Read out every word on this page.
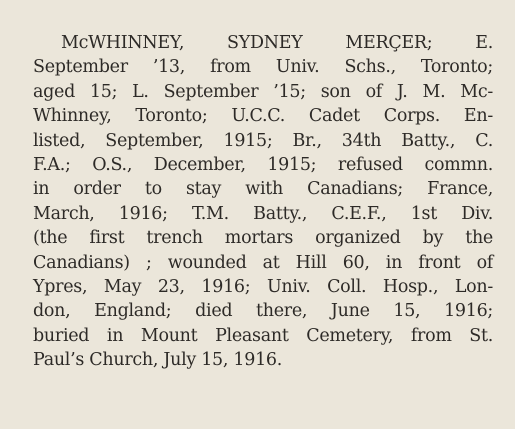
McWHINNEY, SYDNEY MERÇER; E.
September ’13, from Univ. Schs., Toronto;
aged 15; L. September ’15; son of J. M. Mc-
Whinney, Toronto; U.C.C. Cadet Corps. En-
listed, September, 1915; Br., 34th Batty., C.
F.A.; O.S., December, 1915; refused commn.
in order to stay with Canadians; France,
March, 1916; T.M. Batty., C.E.F., 1st Div.
(the first trench mortars organized by the
Canadians) ; wounded at Hill 60, in front of
Ypres, May 23, 1916; Univ. Coll. Hosp., Lon-
don, England; died there, June 15, 1916;
buried in Mount Pleasant Cemetery, from St.
Paul’s Church, July 15, 1916.
